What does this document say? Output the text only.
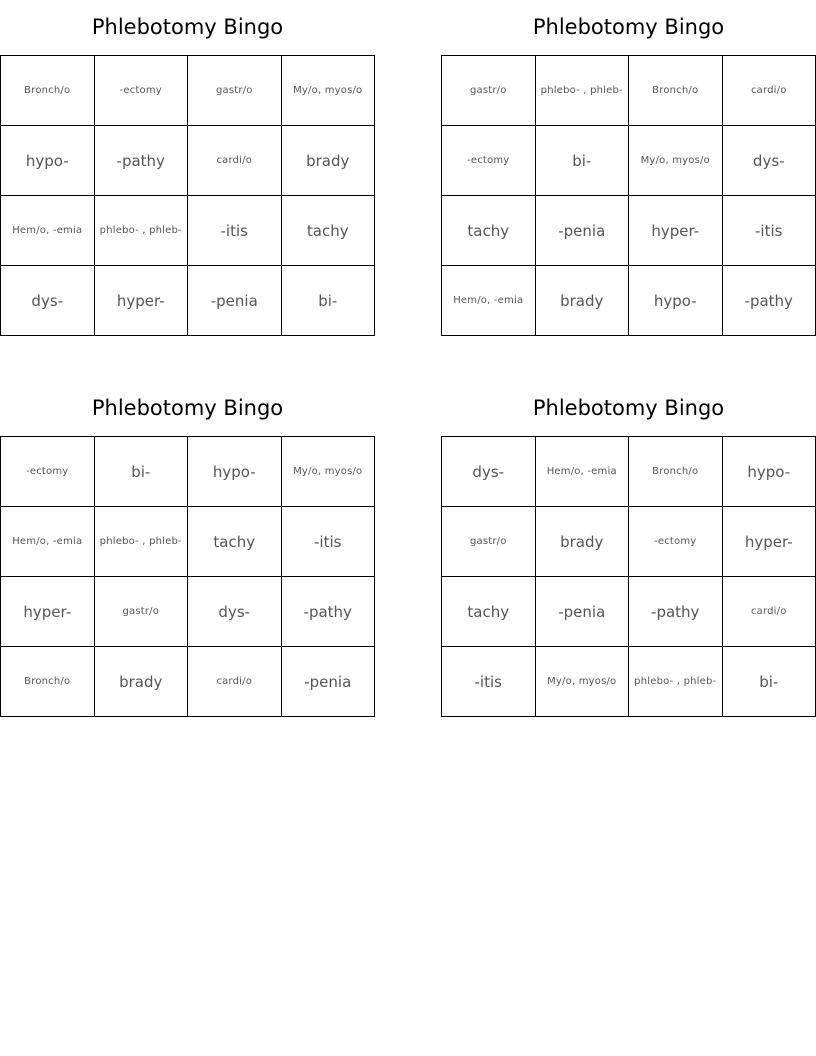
Phlebotomy Bingo
Bronch/o	-ectomy	gastr/o	My/o, myos/o
hypo-	-pathy	cardi/o	brady
Hem/o, -emia	phlebo- , phleb-	-itis	tachy
dys-	hyper-	-penia	bi-
Phlebotomy Bingo
gastr/o	phlebo- , phleb-	Bronch/o	cardi/o
-ectomy	bi-	My/o, myos/o	dys-
tachy	-penia	hyper-	-itis
Hem/o, -emia	brady	hypo-	-pathy
Phlebotomy Bingo
-ectomy	bi-	hypo-	My/o, myos/o
Hem/o, -emia	phlebo- , phleb-	tachy	-itis
hyper-	gastr/o	dys-	-pathy
Bronch/o	brady	cardi/o	-penia
Phlebotomy Bingo
dys-	Hem/o, -emia	Bronch/o	hypo-
gastr/o	brady	-ectomy	hyper-
tachy	-penia	-pathy	cardi/o
-itis	My/o, myos/o	phlebo- , phleb-	bi-
